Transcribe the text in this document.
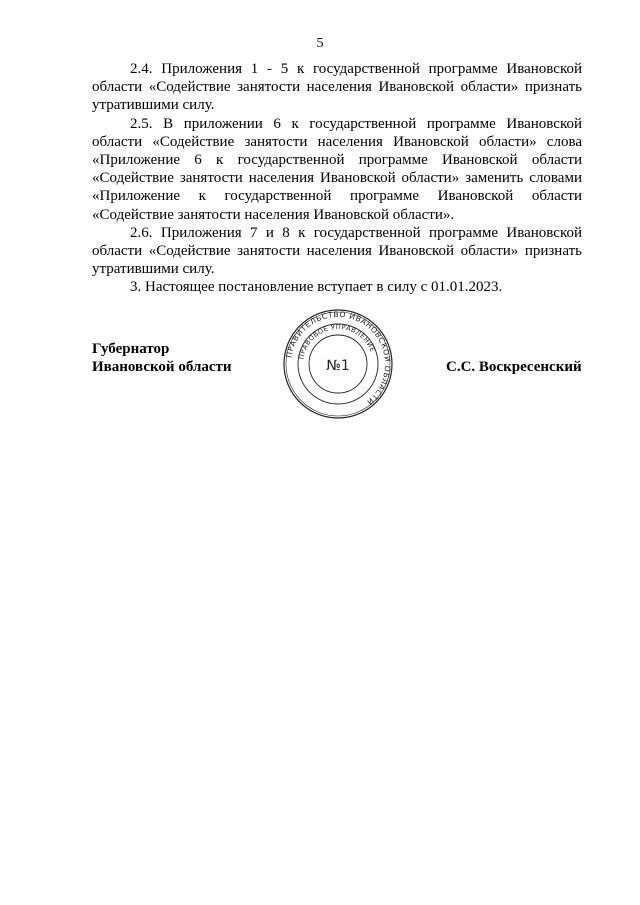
5

2.4. Приложения 1 - 5 к государственной программе Ивановской области «Содействие занятости населения Ивановской области» признать утратившими силу.

2.5. В приложении 6 к государственной программе Ивановской области «Содействие занятости населения Ивановской области» слова «Приложение 6 к государственной программе Ивановской области «Содействие занятости населения Ивановской области» заменить словами «Приложение к государственной программе Ивановской области «Содействие занятости населения Ивановской области».

2.6. Приложения 7 и 8 к государственной программе Ивановской области «Содействие занятости населения Ивановской области» признать утратившими силу.

3. Настоящее постановление вступает в силу с 01.01.2023.

Губернатор
Ивановской области
ПРАВИТЕЛЬСТВО ИВАНОВСКОЙ ОБЛАСТИ
ПРАВОВОЕ УПРАВЛЕНИЕ
№1	С.С. Воскресенский
